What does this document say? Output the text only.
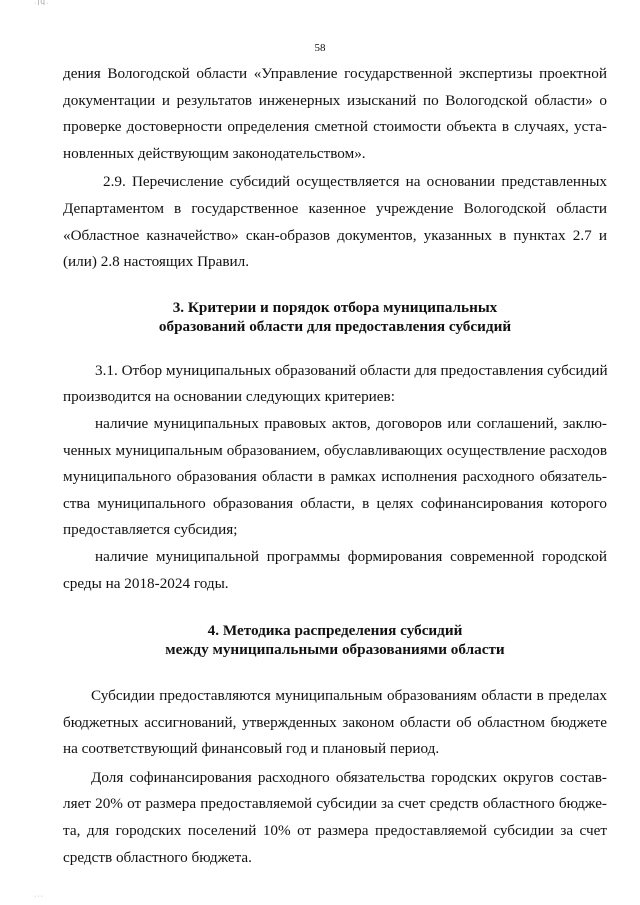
·ІЧ·
58
дения Вологодской области «Управление государственной экспертизы проектной
документации и результатов инженерных изысканий по Вологодской области» о
проверке достоверности определения сметной стоимости объекта в случаях, уста-
новленных действующим законодательством».
2.9. Перечисление субсидий осуществляется на основании представленных
Департаментом в государственное казенное учреждение Вологодской области
«Областное казначейство» скан-образов документов, указанных в пунктах 2.7 и
(или) 2.8 настоящих Правил.
3. Критерии и порядок отбора муниципальных
образований области для предоставления субсидий
3.1. Отбор муниципальных образований области для предоставления субсидий
производится на основании следующих критериев:
наличие муниципальных правовых актов, договоров или соглашений, заклю-
ченных муниципальным образованием, обуславливающих осуществление расходов
муниципального образования области в рамках исполнения расходного обязатель-
ства муниципального образования области, в целях софинансирования которого
предоставляется субсидия;
наличие муниципальной программы формирования современной городской
среды на 2018-2024 годы.
4. Методика распределения субсидий
между муниципальными образованиями области
Субсидии предоставляются муниципальным образованиям области в пределах
бюджетных ассигнований, утвержденных законом области об областном бюджете
на соответствующий финансовый год и плановый период.
Доля софинансирования расходного обязательства городских округов состав-
ляет 20% от размера предоставляемой субсидии за счет средств областного бюдже-
та, для городских поселений 10% от размера предоставляемой субсидии за счет
средств областного бюджета.
···
